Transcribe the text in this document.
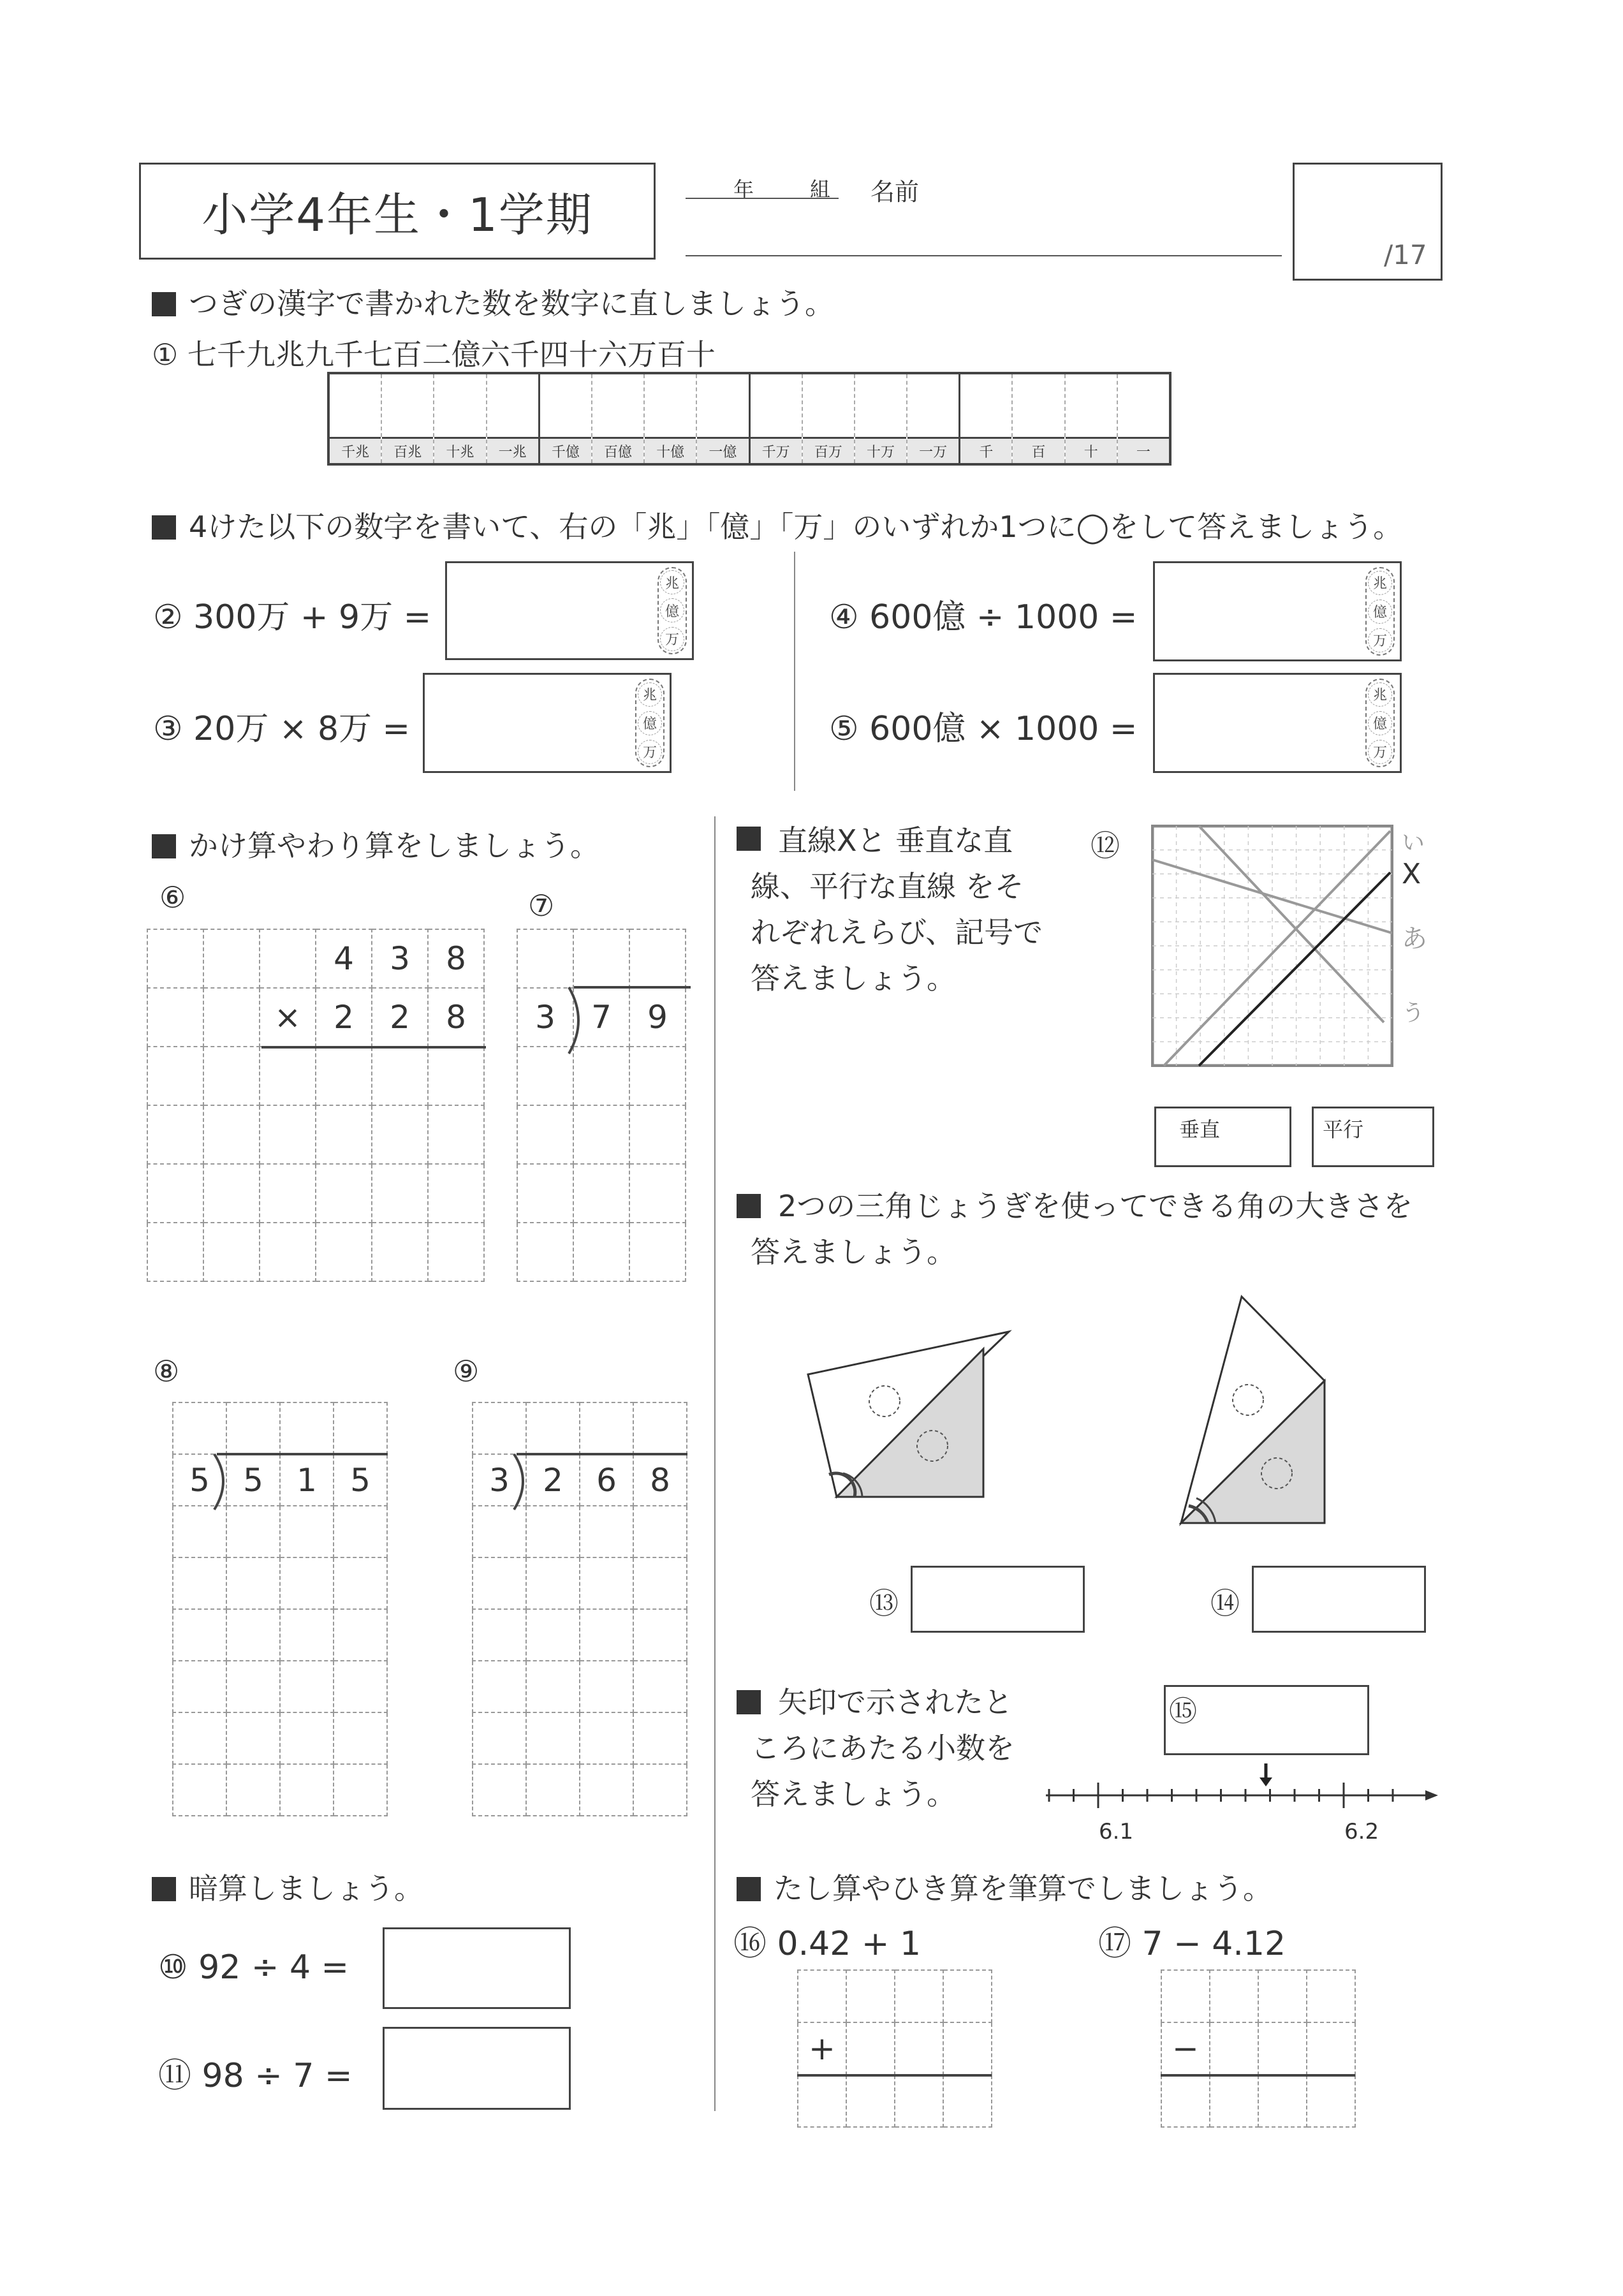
小学4年生・1学期	年	組 名前
/17
つぎの漢字で書かれた数を数字に直しましょう。
① 七千九兆九千七百二億六千四十六万百十
千兆	百兆	十兆	一兆	千億	百億	十億	一億	千万	百万	十万	一万	千	百	十	一
4けた以下の数字を書いて、右の「兆」「億」「万」のいずれか1つに◯をして答えましょう。
② 300万 + 9万 =
兆
億
万
③ 20万 × 8万 =
兆
億
万
④ 600億 ÷ 1000 =
兆
億
万
⑤ 600億 × 1000 =
兆
億
万
かけ算やわり算をしましょう。
⑥
			4	3	8
		×	2	2	8

⑦

3	7	9

⑧

5	5	1	5

⑨

3	2	6	8

暗算しましょう。
⑩ 92 ÷ 4 =
⑪ 98 ÷ 7 =
直線Xと 垂直な直
線、平行な直線 をそ
れぞれえらび、記号で
答えましょう。
⑫	い
X
あ
う
垂直	平行
2つの三角じょうぎを使ってできる角の大きさを
答えましょう。
⑬	⑭
矢印で示されたと
ころにあたる小数を
答えましょう。
⑮
6.1	6.2
たし算やひき算を筆算でしましょう。
⑯ 0.42 + 1	⑰ 7 − 4.12

+			

				−			
